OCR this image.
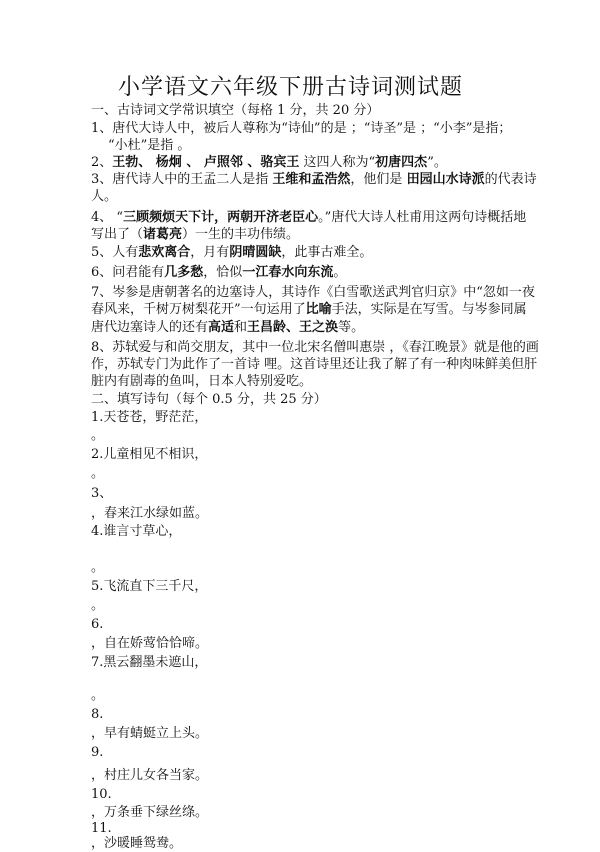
小学语文六年级下册古诗词测试题
一、古诗词文学常识填空（每格 1 分，共 20 分）
1、唐代大诗人中，被后人尊称为“诗仙”的是 ；“诗圣”是 ；“小李”是指；
“小杜”是指 。
2、王勃、 杨炯 、 卢照邻 、骆宾王 这四人称为“初唐四杰”。
3、唐代诗人中的王孟二人是指 王维和孟浩然，他们是 田园山水诗派的代表诗
人。
4、 “三顾频烦天下计，两朝开济老臣心。”唐代大诗人杜甫用这两句诗概括地
写出了（诸葛亮）一生的丰功伟绩。
5、人有悲欢离合，月有阴晴圆缺，此事古难全。
6、问君能有几多愁，恰似一江春水向东流。
7、岑参是唐朝著名的边塞诗人，其诗作《白雪歌送武判官归京》中“忽如一夜
春风来，千树万树梨花开”一句运用了比喻手法，实际是在写雪。与岑参同属
唐代边塞诗人的还有高适和王昌龄、王之涣等。
8、苏轼爱与和尚交朋友，其中一位北宋名僧叫惠崇 ，《春江晚景》就是他的画
作，苏轼专门为此作了一首诗 哩。这首诗里还让我了解了有一种肉味鲜美但肝
脏内有剧毒的鱼叫，日本人特别爱吃。
二、填写诗句（每个 0.5 分，共 25 分）
1.天苍苍，野茫茫，
。
2.儿童相见不相识，
。
3、
，春来江水绿如蓝。
4.谁言寸草心，
。
5.飞流直下三千尺，
。
6.
，自在娇莺恰恰啼。
7.黑云翻墨未遮山，
。
8.
，早有蜻蜓立上头。
9.
，村庄儿女各当家。
10.
，万条垂下绿丝绦。
11.
，沙暖睡鸳鸯。
